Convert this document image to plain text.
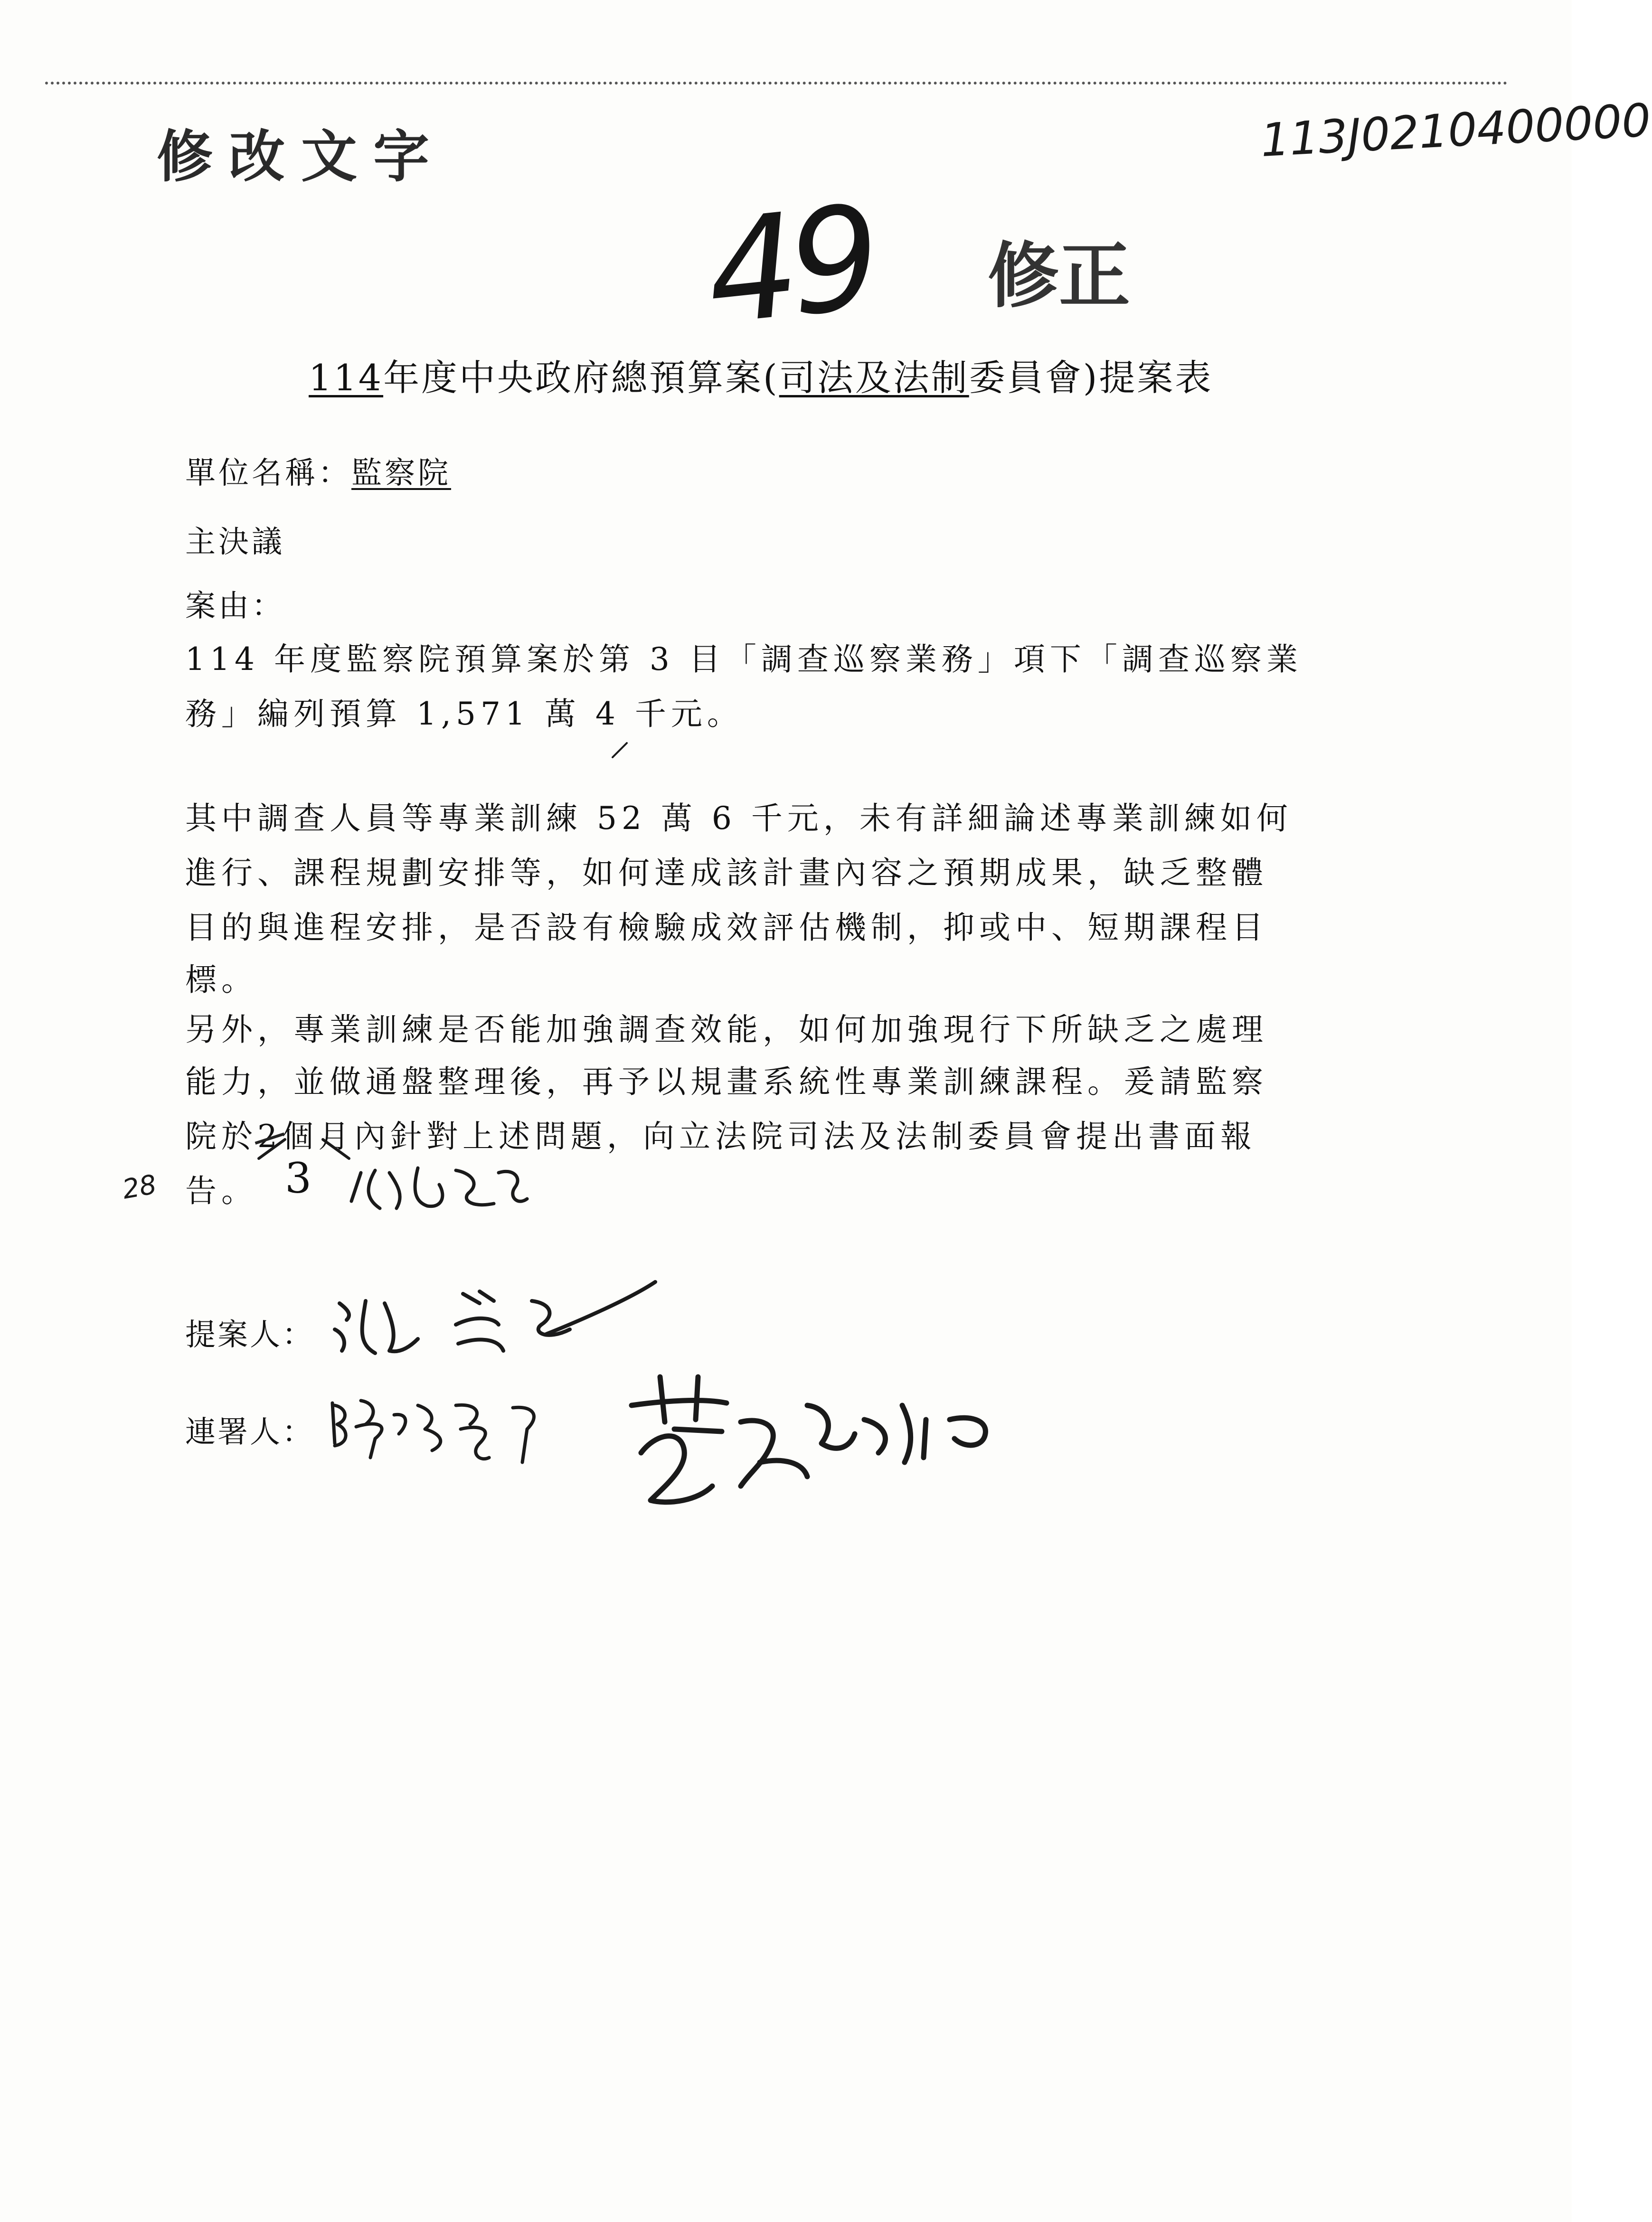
修改文字	113J0210400000
49 修正
114年度中央政府總預算案(司法及法制委員會)提案表
單位名稱：監察院
主決議
案由：
114 年度監察院預算案於第 3 目「調查巡察業務」項下「調查巡察業
務」編列預算 1,571 萬 4 千元。
其中調查人員等專業訓練 52 萬 6 千元，未有詳細論述專業訓練如何
進行、課程規劃安排等，如何達成該計畫內容之預期成果，缺乏整體
目的與進程安排，是否設有檢驗成效評估機制，抑或中、短期課程目
標。
另外，專業訓練是否能加強調查效能，如何加強現行下所缺乏之處理
能力，並做通盤整理後，再予以規畫系統性專業訓練課程。爰請監察
院於2個月內針對上述問題，向立法院司法及法制委員會提出書面報
告。 3
28
提案人：
連署人：
